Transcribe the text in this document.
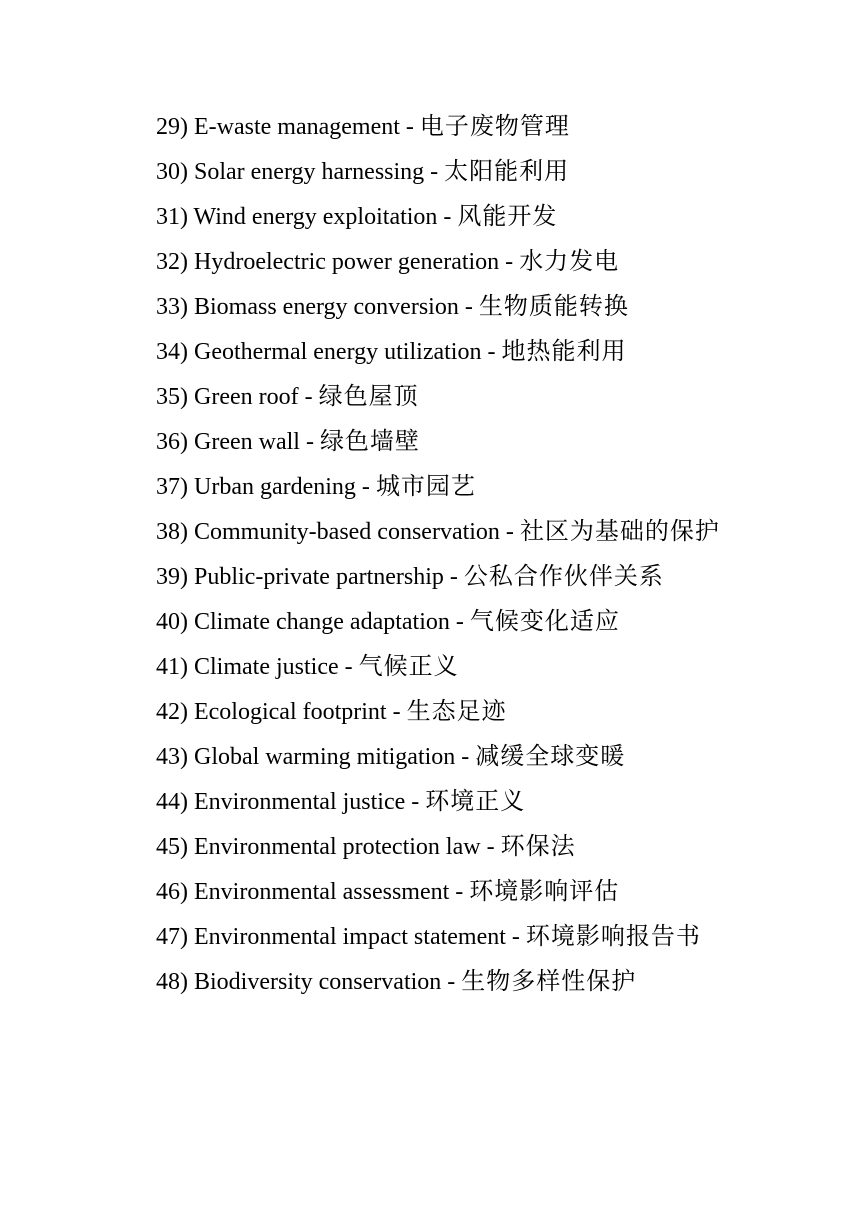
29) E-waste management - 电子废物管理

30) Solar energy harnessing - 太阳能利用

31) Wind energy exploitation - 风能开发

32) Hydroelectric power generation - 水力发电

33) Biomass energy conversion - 生物质能转换

34) Geothermal energy utilization - 地热能利用

35) Green roof - 绿色屋顶

36) Green wall - 绿色墙壁

37) Urban gardening - 城市园艺

38) Community-based conservation - 社区为基础的保护

39) Public-private partnership - 公私合作伙伴关系

40) Climate change adaptation - 气候变化适应

41) Climate justice - 气候正义

42) Ecological footprint - 生态足迹

43) Global warming mitigation - 减缓全球变暖

44) Environmental justice - 环境正义

45) Environmental protection law - 环保法

46) Environmental assessment - 环境影响评估

47) Environmental impact statement - 环境影响报告书

48) Biodiversity conservation - 生物多样性保护
